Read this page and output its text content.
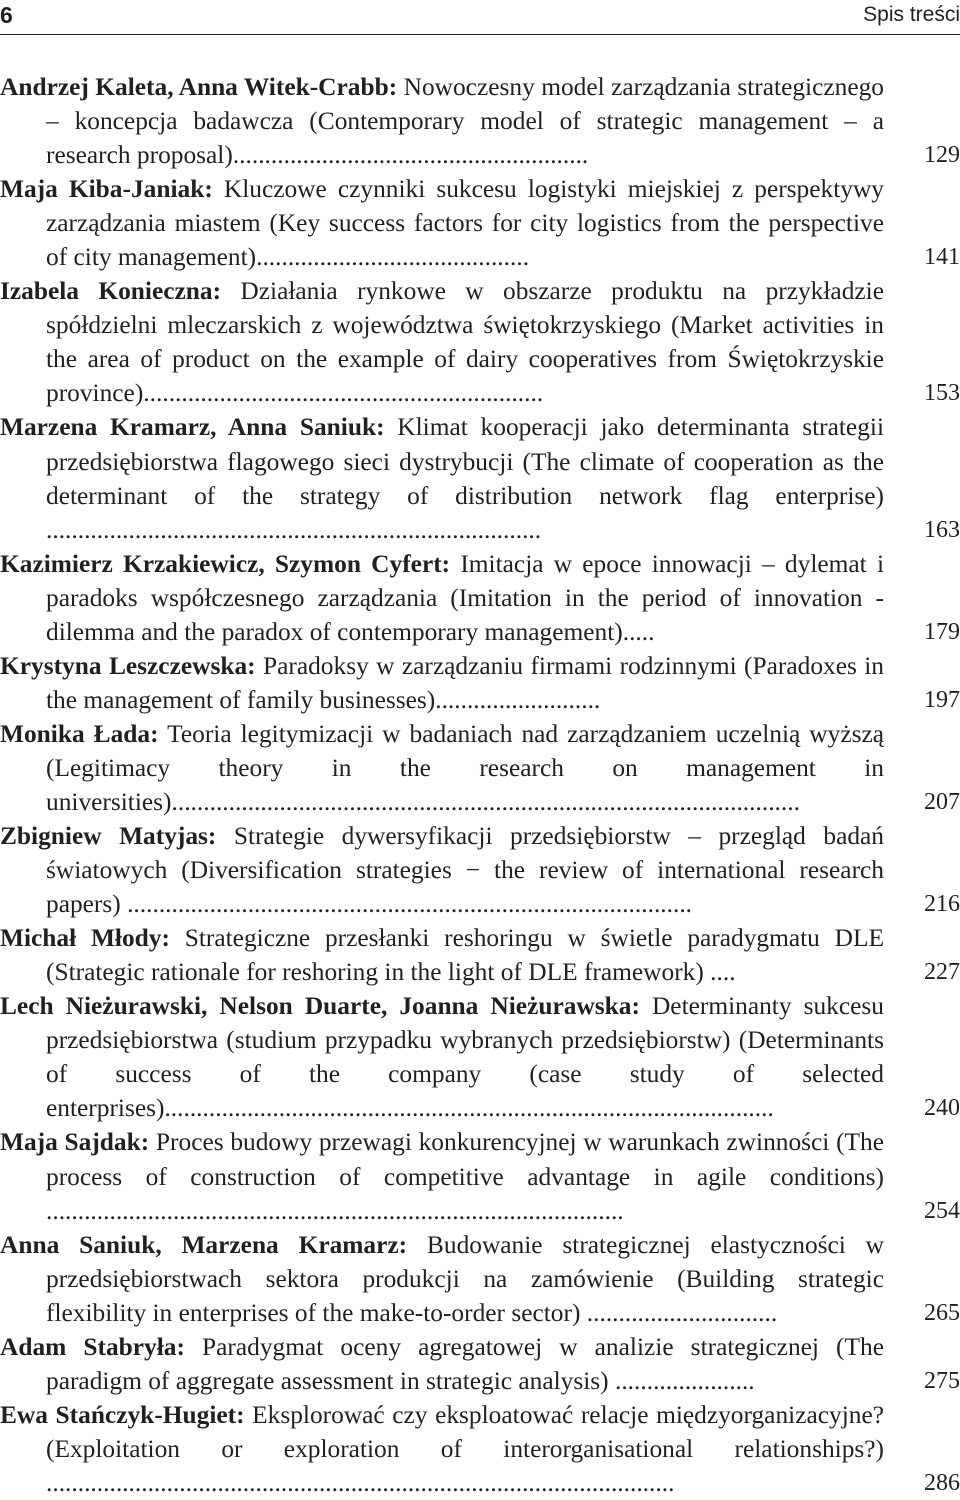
6	Spis treści
Andrzej Kaleta, Anna Witek-Crabb: Nowoczesny model zarządzania strategicznego – koncepcja badawcza (Contemporary model of strategic management – a research proposal)........................................................	129
Maja Kiba-Janiak: Kluczowe czynniki sukcesu logistyki miejskiej z perspektywy zarządzania miastem (Key success factors for city logistics from the perspective of city management)...........................................	141
Izabela Konieczna: Działania rynkowe w obszarze produktu na przykładzie spółdzielni mleczarskich z województwa świętokrzyskiego (Market activities in the area of product on the example of dairy cooperatives from Świętokrzyskie province)...............................................................	153
Marzena Kramarz, Anna Saniuk: Klimat kooperacji jako determinanta strategii przedsiębiorstwa flagowego sieci dystrybucji (The climate of cooperation as the determinant of the strategy of distribution network flag enterprise) ..............................................................................	163
Kazimierz Krzakiewicz, Szymon Cyfert: Imitacja w epoce innowacji – dylemat i paradoks współczesnego zarządzania (Imitation in the period of innovation - dilemma and the paradox of contemporary management).....	179
Krystyna Leszczewska: Paradoksy w zarządzaniu firmami rodzinnymi (Paradoxes in the management of family businesses)..........................	197
Monika Łada: Teoria legitymizacji w badaniach nad zarządzaniem uczelnią wyższą (Legitimacy theory in the research on management in universities)...................................................................................................	207
Zbigniew Matyjas: Strategie dywersyfikacji przedsiębiorstw – przegląd badań światowych (Diversification strategies − the review of international research papers) .........................................................................................	216
Michał Młody: Strategiczne przesłanki reshoringu w świetle paradygmatu DLE (Strategic rationale for reshoring in the light of DLE framework) ....	227
Lech Nieżurawski, Nelson Duarte, Joanna Nieżurawska: Determinanty sukcesu przedsiębiorstwa (studium przypadku wybranych przedsiębiorstw) (Determinants of success of the company (case study of selected enterprises)................................................................................................	240
Maja Sajdak: Proces budowy przewagi konkurencyjnej w warunkach zwinności (The process of construction of competitive advantage in agile conditions) ...........................................................................................	254
Anna Saniuk, Marzena Kramarz: Budowanie strategicznej elastyczności w przedsiębiorstwach sektora produkcji na zamówienie (Building strategic flexibility in enterprises of the make-to-order sector) ..............................	265
Adam Stabryła: Paradygmat oceny agregatowej w analizie strategicznej (The paradigm of aggregate assessment in strategic analysis) ......................	275
Ewa Stańczyk-Hugiet: Eksplorować czy eksploatować relacje międzyorganizacyjne? (Exploitation or exploration of interorganisational relationships?) ...................................................................................................	286
